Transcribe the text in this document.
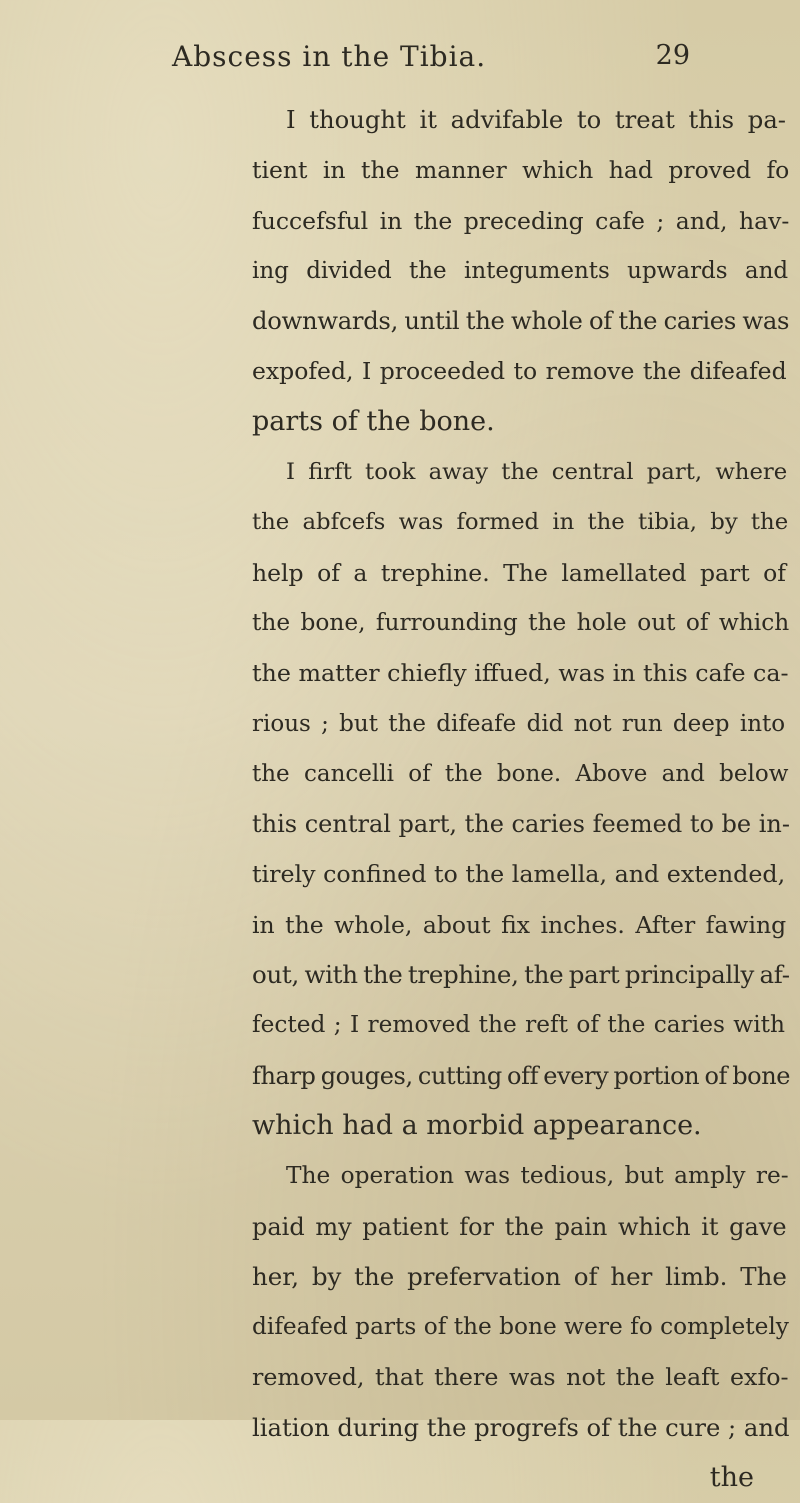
Abscess in the Tibia.	29
I thought it advifable to treat this pa-
tient in the manner which had proved fo
fuccefsful in the preceding cafe ; and, hav-
ing divided the integuments upwards and
downwards, until the whole of the caries was
expofed, I proceeded to remove the difeafed
parts of the bone.
I firft took away the central part, where
the abfcefs was formed in the tibia, by the
help of a trephine. The lamellated part of
the bone, furrounding the hole out of which
the matter chiefly iffued, was in this cafe ca-
rious ; but the difeafe did not run deep into
the cancelli of the bone. Above and below
this central part, the caries feemed to be in-
tirely confined to the lamella, and extended,
in the whole, about fix inches. After fawing
out, with the trephine, the part principally af-
fected ; I removed the reft of the caries with
fharp gouges, cutting off every portion of bone
which had a morbid appearance.
The operation was tedious, but amply re-
paid my patient for the pain which it gave
her, by the prefervation of her limb. The
difeafed parts of the bone were fo completely
removed, that there was not the leaft exfo-
liation during the progrefs of the cure ; and
the
